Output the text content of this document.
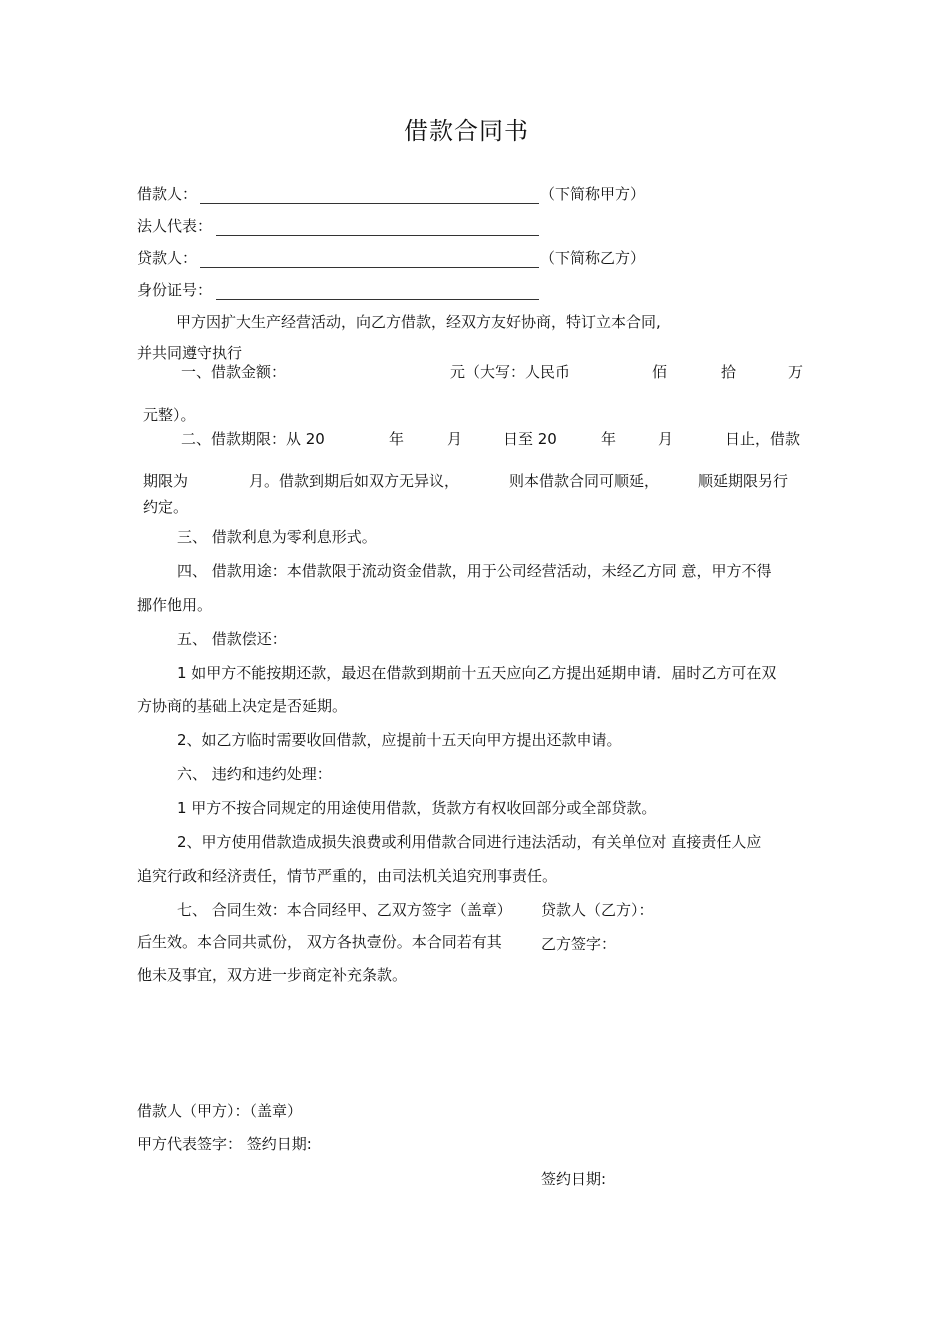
借款合同书
借款人：	（下简称甲方）
法人代表：
贷款人：	（下简称乙方）
身份证号：
甲方因扩大生产经营活动，向乙方借款，经双方友好协商，特订立本合同,
并共同遵守执行
一、借款金额：	元（大写：人民币	佰	拾	万
元整）。
二、借款期限：从 20	年	月	日至 20	年	月	日止，借款
期限为	月。借款到期后如双方无异议，	则本借款合同可顺延，	顺延期限另行
约定。
三、 借款利息为零利息形式。
四、 借款用途：本借款限于流动资金借款，用于公司经营活动，未经乙方同 意，甲方不得
挪作他用。
五、 借款偿还：
1 如甲方不能按期还款，最迟在借款到期前十五天应向乙方提出延期申请．届时乙方可在双
方协商的基础上决定是否延期。
2、如乙方临时需要收回借款，应提前十五天向甲方提出还款申请。
六、 违约和违约处理：
1 甲方不按合同规定的用途使用借款，货款方有权收回部分或全部贷款。
2、甲方使用借款造成损失浪费或利用借款合同进行违法活动，有关单位对 直接责任人应
追究行政和经济责任，情节严重的，由司法机关追究刑事责任。
七、 合同生效：本合同经甲、乙双方签字（盖章） 贷款人（乙方）：
后生效。本合同共贰份， 双方各执壹份。本合同若有其	乙方签字：
他未及事宜，双方进一步商定补充条款。
借款人（甲方）：（盖章）
甲方代表签字： 签约日期:
签约日期:
